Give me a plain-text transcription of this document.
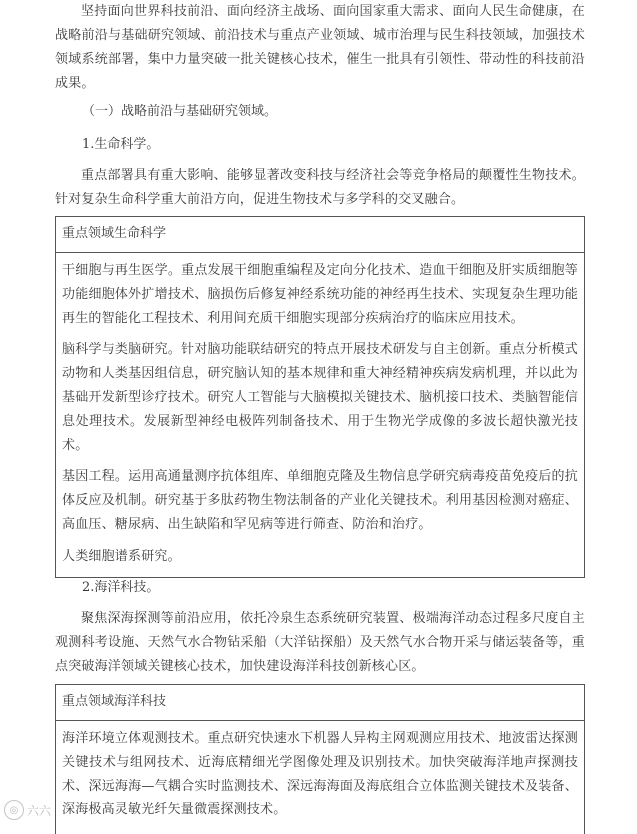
坚持面向世界科技前沿、面向经济主战场、面向国家重大需求、面向人民生命健康，在战略前沿与基础研究领域、前沿技术与重点产业领域、城市治理与民生科技领域，加强技术领域系统部署，集中力量突破一批关键核心技术，催生一批具有引领性、带动性的科技前沿成果。

（一）战略前沿与基础研究领域。

1.生命科学。

重点部署具有重大影响、能够显著改变科技与经济社会等竞争格局的颠覆性生物技术。针对复杂生命科学重大前沿方向，促进生物技术与多学科的交叉融合。

重点领域生命科学

干细胞与再生医学。重点发展干细胞重编程及定向分化技术、造血干细胞及肝实质细胞等功能细胞体外扩增技术、脑损伤后修复神经系统功能的神经再生技术、实现复杂生理功能再生的智能化工程技术、利用间充质干细胞实现部分疾病治疗的临床应用技术。

脑科学与类脑研究。针对脑功能联结研究的特点开展技术研发与自主创新。重点分析模式动物和人类基因组信息，研究脑认知的基本规律和重大神经精神疾病发病机理，并以此为基础开发新型诊疗技术。研究人工智能与大脑模拟关键技术、脑机接口技术、类脑智能信息处理技术。发展新型神经电极阵列制备技术、用于生物光学成像的多波长超快激光技术。

基因工程。运用高通量测序抗体组库、单细胞克隆及生物信息学研究病毒疫苗免疫后的抗体反应及机制。研究基于多肽药物生物法制备的产业化关键技术。利用基因检测对癌症、高血压、糖尿病、出生缺陷和罕见病等进行筛查、防治和治疗。

人类细胞谱系研究。

2.海洋科技。

聚焦深海探测等前沿应用，依托冷泉生态系统研究装置、极端海洋动态过程多尺度自主观测科考设施、天然气水合物钻采船（大洋钻探船）及天然气水合物开采与储运装备等，重点突破海洋领域关键核心技术，加快建设海洋科技创新核心区。

重点领域海洋科技

海洋环境立体观测技术。重点研究快速水下机器人异构主网观测应用技术、地波雷达探测关键技术与组网技术、近海底精细光学图像处理及识别技术。加快突破海洋地声探测技术、深远海海—气耦合实时监测技术、深远海海面及海底组合立体监测关键技术及装备、深海极高灵敏光纤矢量微震探测技术。

◎ 六六
